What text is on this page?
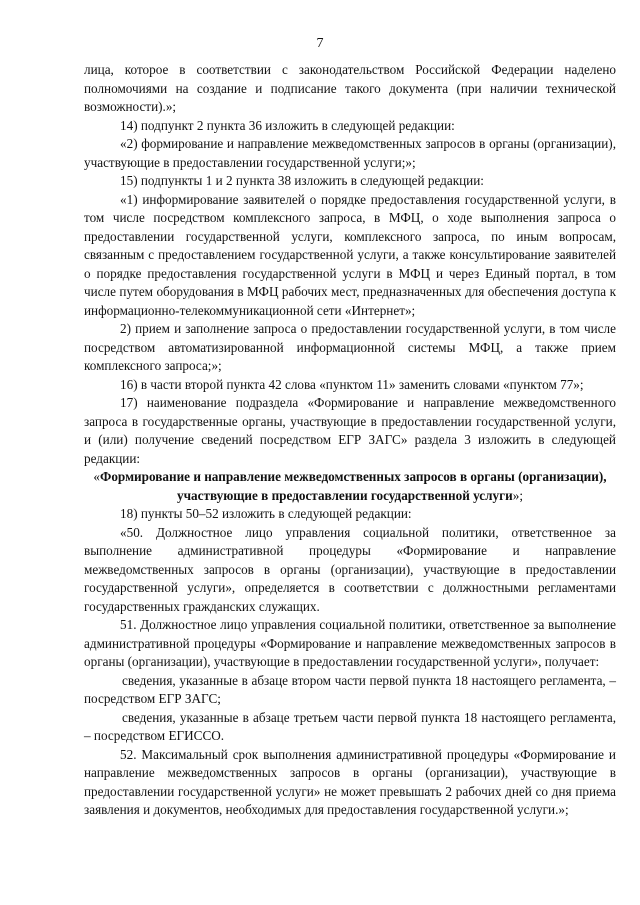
7

лица, которое в соответствии с законодательством Российской Федерации наделено полномочиями на создание и подписание такого документа (при наличии технической возможности).»;

14) подпункт 2 пункта 36 изложить в следующей редакции:

«2) формирование и направление межведомственных запросов в органы (организации), участвующие в предоставлении государственной услуги;»;

15) подпункты 1 и 2 пункта 38 изложить в следующей редакции:

«1) информирование заявителей о порядке предоставления государственной услуги, в том числе посредством комплексного запроса, в МФЦ, о ходе выполнения запроса о предоставлении государственной услуги, комплексного запроса, по иным вопросам, связанным с предоставлением государственной услуги, а также консультирование заявителей о порядке предоставления государственной услуги в МФЦ и через Единый портал, в том числе путем оборудования в МФЦ рабочих мест, предназначенных для обеспечения доступа к информационно-телекоммуникационной сети «Интернет»;

2) прием и заполнение запроса о предоставлении государственной услуги, в том числе посредством автоматизированной информационной системы МФЦ, а также прием комплексного запроса;»;

16) в части второй пункта 42 слова «пунктом 11» заменить словами «пунктом 77»;

17) наименование подраздела «Формирование и направление межведомственного запроса в государственные органы, участвующие в предоставлении государственной услуги, и (или) получение сведений посредством ЕГР ЗАГС» раздела 3 изложить в следующей редакции:

«Формирование и направление межведомственных запросов в органы (организации), участвующие в предоставлении государственной услуги»;

18) пункты 50–52 изложить в следующей редакции:

«50. Должностное лицо управления социальной политики, ответственное за выполнение административной процедуры «Формирование и направление межведомственных запросов в органы (организации), участвующие в предоставлении государственной услуги», определяется в соответствии с должностными регламентами государственных гражданских служащих.

51. Должностное лицо управления социальной политики, ответственное за выполнение административной процедуры «Формирование и направление межведомственных запросов в органы (организации), участвующие в предоставлении государственной услуги», получает:

сведения, указанные в абзаце втором части первой пункта 18 настоящего регламента, – посредством ЕГР ЗАГС;

сведения, указанные в абзаце третьем части первой пункта 18 настоящего регламента, – посредством ЕГИССО.

52. Максимальный срок выполнения административной процедуры «Формирование и направление межведомственных запросов в органы (организации), участвующие в предоставлении государственной услуги» не может превышать 2 рабочих дней со дня приема заявления и документов, необходимых для предоставления государственной услуги.»;
